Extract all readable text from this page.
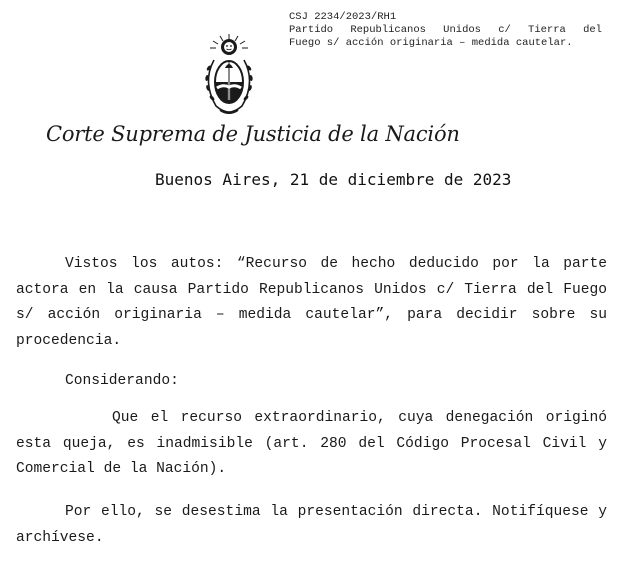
CSJ 2234/2023/RH1
Partido Republicanos Unidos c/ Tierra del
Fuego s/ acción originaria – medida cautelar.
Corte Suprema de Justicia de la Nación
Buenos Aires, 21 de diciembre de 2023
Vistos los autos: “Recurso de hecho deducido por la parte actora en la causa Partido Republicanos Unidos c/ Tierra del Fuego s/ acción originaria – medida cautelar”, para decidir sobre su procedencia.
Considerando:
Que el recurso extraordinario, cuya denegación originó esta queja, es inadmisible (art. 280 del Código Procesal Civil y Comercial de la Nación).
Por ello, se desestima la presentación directa. Notifíquese y archívese.
